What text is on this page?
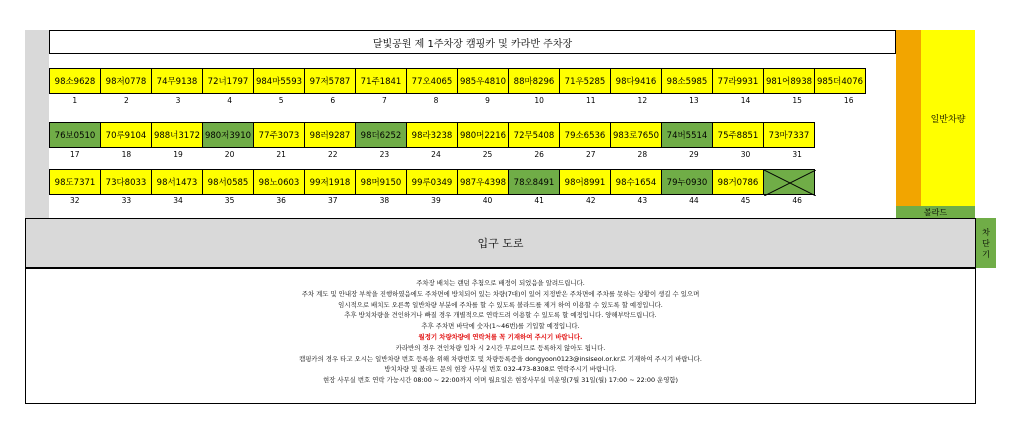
달빛공원 제 1주차장 캠핑카 및 카라반 주차장
일반차량
볼라드
98소9628 98저0778 74무9138 72너1797 984마5593 97저5787 71주1841 77오4065 985우4810 88마8296 71우5285 98다9416 98소5985 77라9931 981어8938 985더4076
1	2	3	4	5	6	7	8	9	10	11	12	13	14	15	16
76보0510 70루9104 988너3172 980저3910 77주3073 98러9287 98더6252 98라3238 980머2216 72무5408 79소6536 983로7650 74버5514 75주8851 73마7337
17	18	19	20	21	22	23	24	25	26	27	28	29	30	31
98도7371 73다8033 98서1473 98서0585 98노0603 99저1918 98머9150 99루0349 987우4398 78오8491 98어8991 98수1654 79누0930 98거0786
32	33	34	35	36	37	38	39	40	41	42	43	44	45	46
입구 도로
차
단
기
주차장 배치는 랜덤 추첨으로 배정이 되었음을 알려드립니다.
주차 계도 및 안내장 부착을 진행하였음에도 주차면에 방치되어 있는 차량(7대)이 있어 지정받은 주차면에 주차를 못하는 상황이 생길 수 있으며
임시적으로 배치도 오른쪽 일반차량 부분에 주차를 할 수 있도록 볼라드를 제거 하여 이용할 수 있도록 할 예정입니다.
추후 방치차량을 견인하거나 빠질 경우 개별적으로 연락드려 이용할 수 있도록 할 예정입니다. 양해부탁드립니다.
추후 주차면 바닥에 숫자(1~46번)를 기입할 예정입니다.
월정기 차량차량에 연락처를 꼭 기재하여 주시기 바랍니다.
카라반의 경우 견인차량 입차 시 2시간 무료이므로 등록하지 않아도 됩니다.
캠핑카의 경우 타고 오시는 일반차량 번호 등록을 위해 차량번호 및 차량등록증을 dongyoon0123@insiseol.or.kr로 기재하여 주시기 바랍니다.
방치차량 및 볼라드 문의 현장 사무실 번호 032-473-8308로 연락주시기 바랍니다.
현장 사무실 번호 연락 가능시간 08:00 ~ 22:00까지 이며 월요일은 현장사무실 미운영(7월 31일(월) 17:00 ~ 22:00 운영함)
